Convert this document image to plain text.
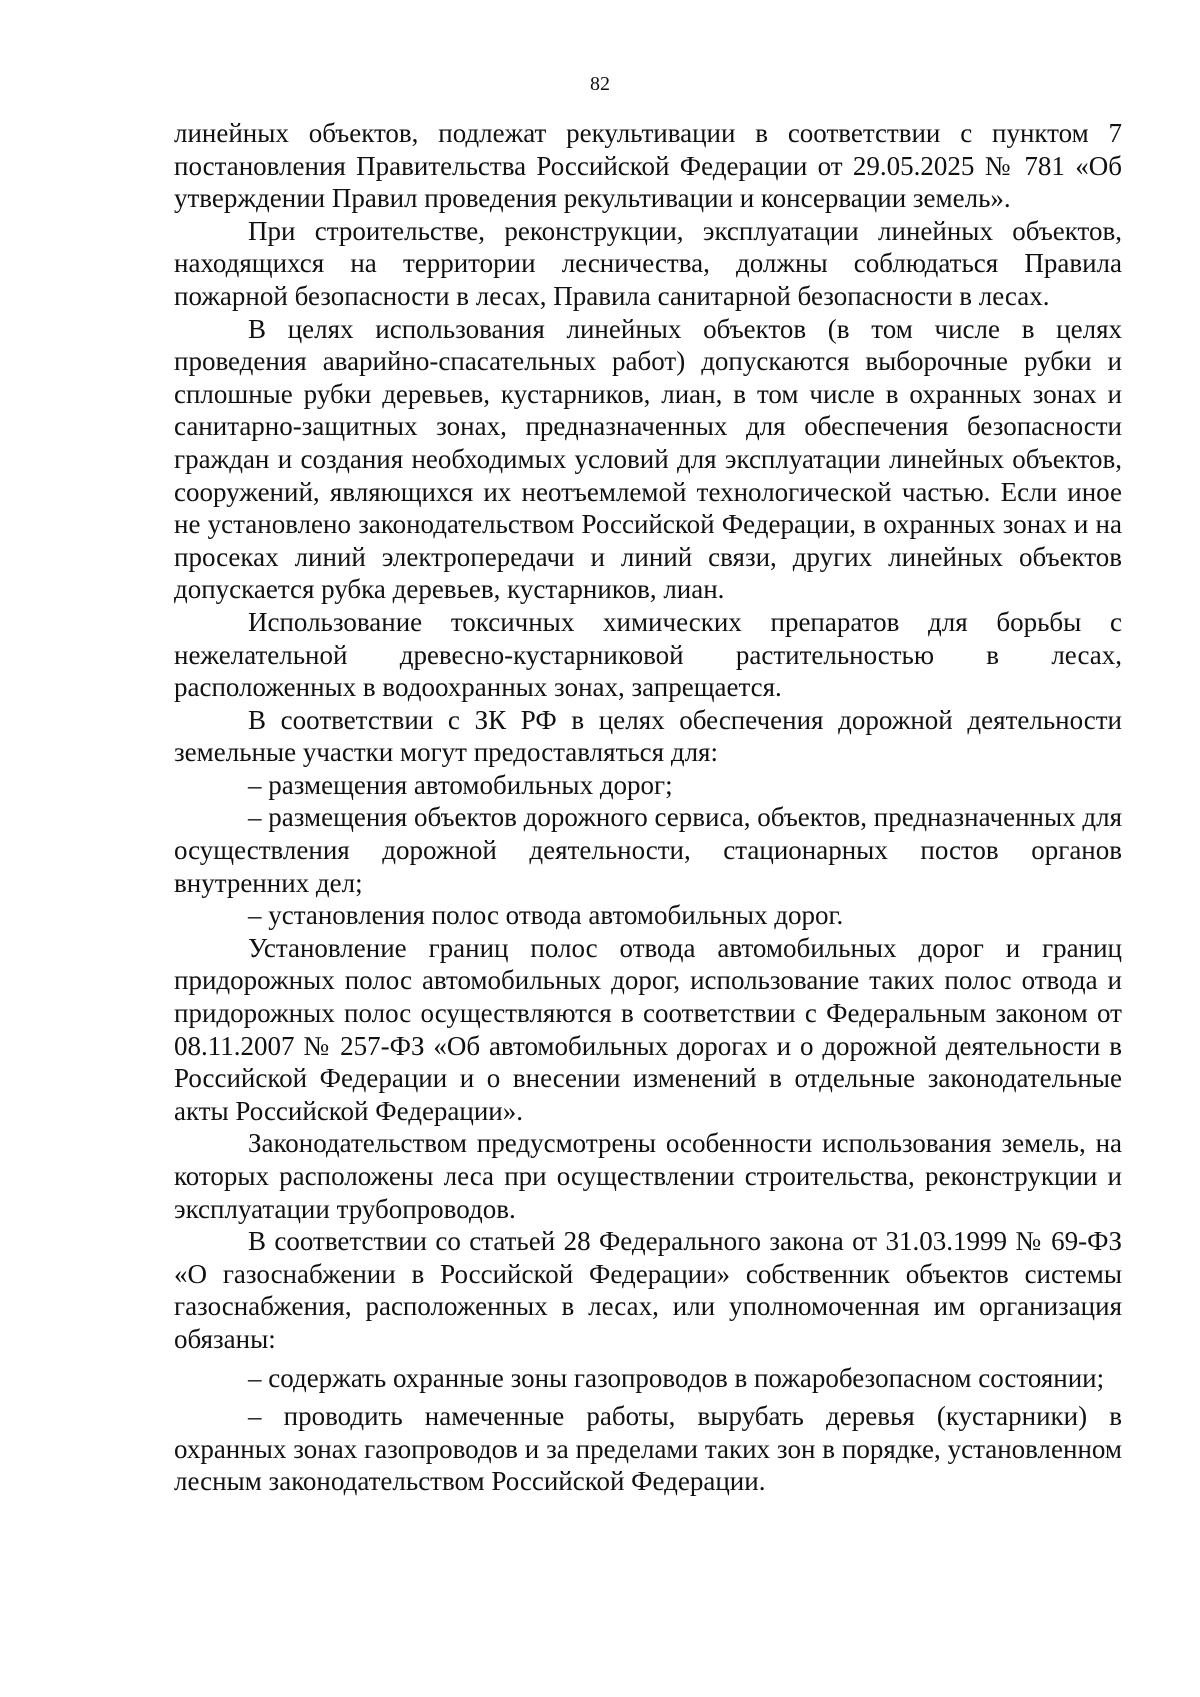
82

линейных объектов, подлежат рекультивации в соответствии с пунктом 7 постановления Правительства Российской Федерации от 29.05.2025 № 781 «Об утверждении Правил проведения рекультивации и консервации земель».

При строительстве, реконструкции, эксплуатации линейных объектов, находящихся на территории лесничества, должны соблюдаться Правила пожарной безопасности в лесах, Правила санитарной безопасности в лесах.

В целях использования линейных объектов (в том числе в целях проведения аварийно-спасательных работ) допускаются выборочные рубки и сплошные рубки деревьев, кустарников, лиан, в том числе в охранных зонах и санитарно-защитных зонах, предназначенных для обеспечения безопасности граждан и создания необходимых условий для эксплуатации линейных объектов, сооружений, являющихся их неотъемлемой технологической частью. Если иное не установлено законодательством Российской Федерации, в охранных зонах и на просеках линий электропередачи и линий связи, других линейных объектов допускается рубка деревьев, кустарников, лиан.

Использование токсичных химических препаратов для борьбы с нежелательной древесно-кустарниковой растительностью в лесах, расположенных в водоохранных зонах, запрещается.

В соответствии с ЗК РФ в целях обеспечения дорожной деятельности земельные участки могут предоставляться для:

– размещения автомобильных дорог;

– размещения объектов дорожного сервиса, объектов, предназначенных для осуществления дорожной деятельности, стационарных постов органов внутренних дел;

– установления полос отвода автомобильных дорог.

Установление границ полос отвода автомобильных дорог и границ придорожных полос автомобильных дорог, использование таких полос отвода и придорожных полос осуществляются в соответствии с Федеральным законом от 08.11.2007 № 257-ФЗ «Об автомобильных дорогах и о дорожной деятельности в Российской Федерации и о внесении изменений в отдельные законодательные акты Российской Федерации».

Законодательством предусмотрены особенности использования земель, на которых расположены леса при осуществлении строительства, реконструкции и эксплуатации трубопроводов.

В соответствии со статьей 28 Федерального закона от 31.03.1999 № 69-ФЗ «О газоснабжении в Российской Федерации» собственник объектов системы газоснабжения, расположенных в лесах, или уполномоченная им организация обязаны:

– содержать охранные зоны газопроводов в пожаробезопасном состоянии;

– проводить намеченные работы, вырубать деревья (кустарники) в охранных зонах газопроводов и за пределами таких зон в порядке, установленном лесным законодательством Российской Федерации.
